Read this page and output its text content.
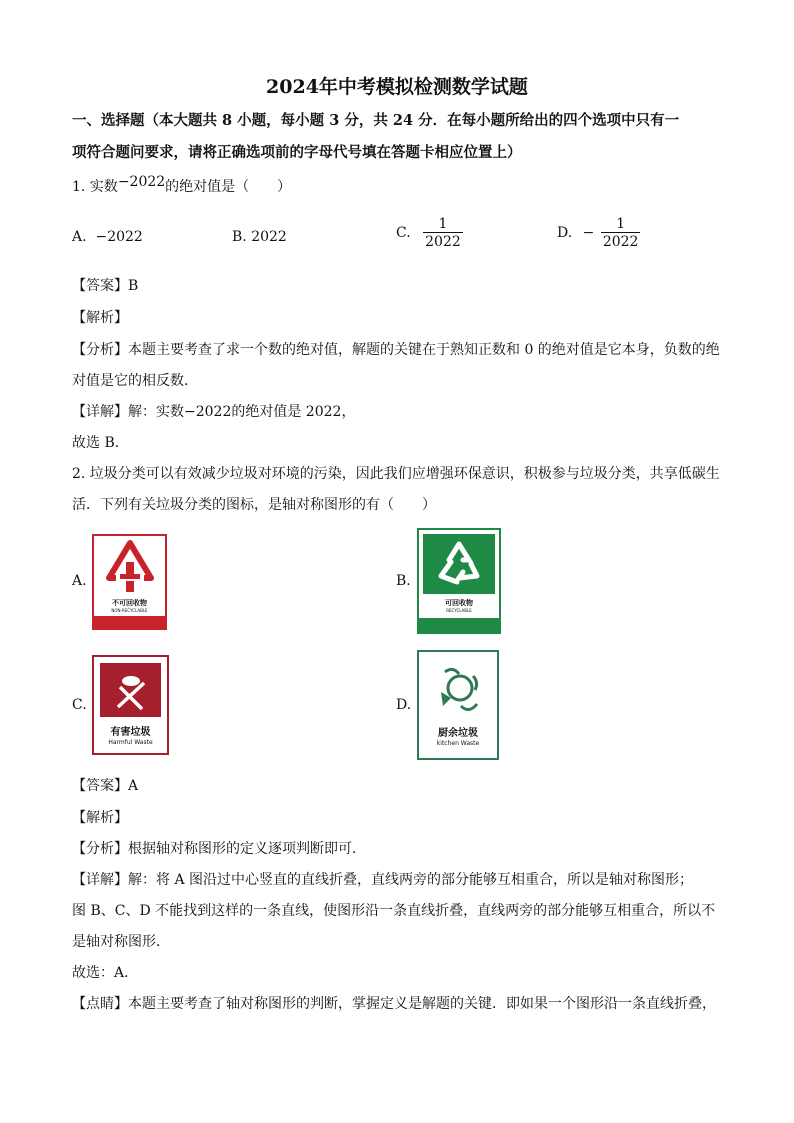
2024年中考模拟检测数学试题
一、选择题（本大题共 8 小题，每小题 3 分，共 24 分．在每小题所给出的四个选项中只有一
项符合题问要求，请将正确选项前的字母代号填在答题卡相应位置上）
1. 实数−2022的绝对值是（　　）
A. −2022	B. 2022	C. $\frac{1}{2022}$	D. − $\frac{1}{2022}$
【答案】B
【解析】
【分析】本题主要考查了求一个数的绝对值，解题的关键在于熟知正数和 0 的绝对值是它本身，负数的绝
对值是它的相反数．
【详解】解：实数−2022的绝对值是 2022，
故选 B．
2. 垃圾分类可以有效减少垃圾对环境的污染，因此我们应增强环保意识，积极参与垃圾分类，共享低碳生
活．下列有关垃圾分类的图标，是轴对称图形的有（　　）
A.
不可回收物
NON-RECYCLABLE
B.
可回收物
RECYCLABLE
C.
有害垃圾
Harmful Waste
D.
厨余垃圾
kitchen Waste
【答案】A
【解析】
【分析】根据轴对称图形的定义逐项判断即可．
【详解】解：将 A 图沿过中心竖直的直线折叠，直线两旁的部分能够互相重合，所以是轴对称图形；
图 B、C、D 不能找到这样的一条直线，使图形沿一条直线折叠，直线两旁的部分能够互相重合，所以不
是轴对称图形．
故选：A．
【点睛】本题主要考查了轴对称图形的判断，掌握定义是解题的关键．即如果一个图形沿一条直线折叠，
